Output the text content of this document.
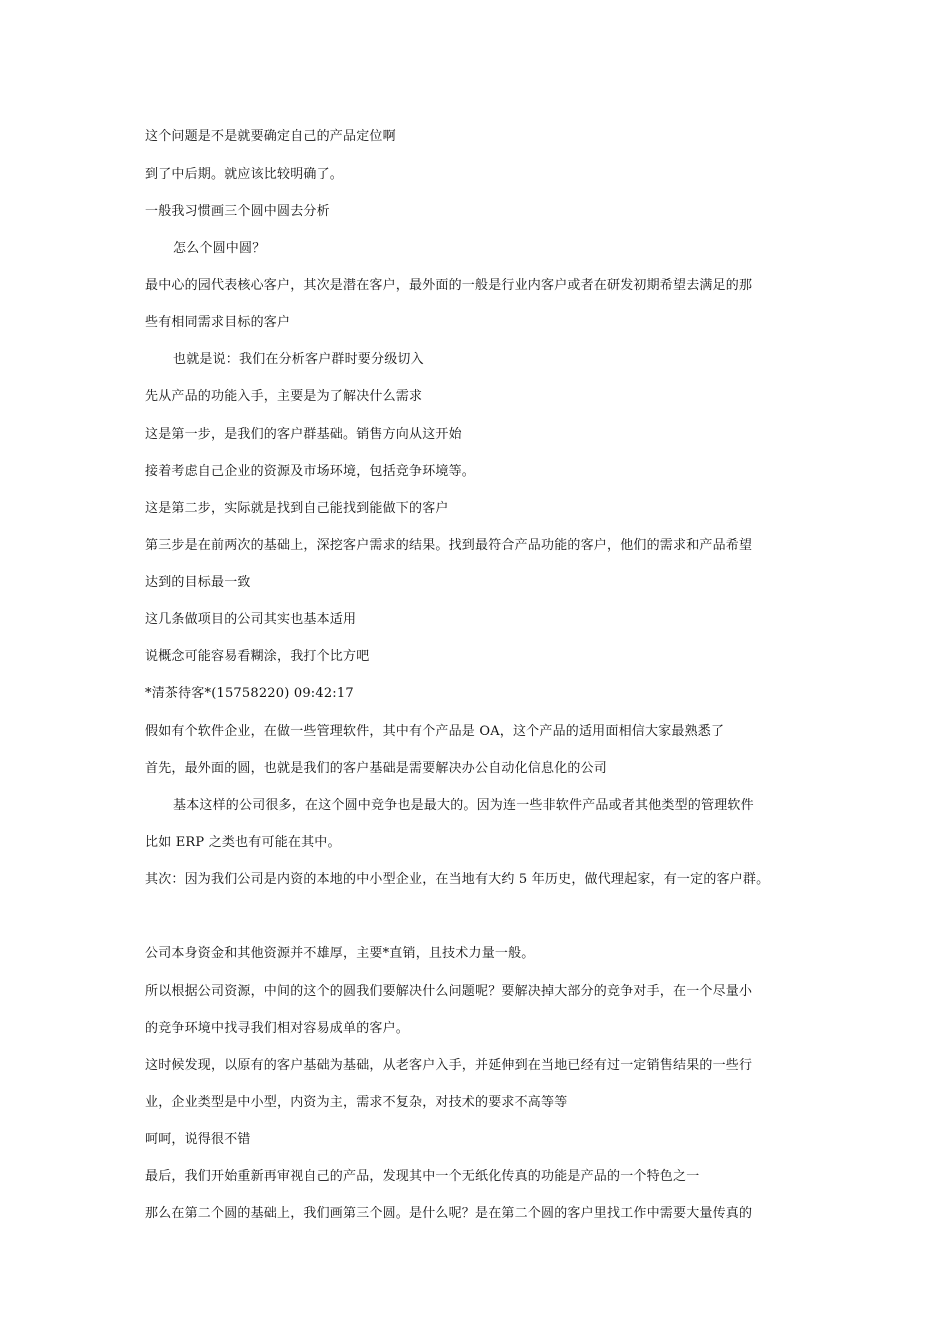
这个问题是不是就要确定自己的产品定位啊
到了中后期。就应该比较明确了。
一般我习惯画三个圆中圆去分析
怎么个圆中圆？
最中心的园代表核心客户，其次是潜在客户，最外面的一般是行业内客户或者在研发初期希望去满足的那
些有相同需求目标的客户
也就是说：我们在分析客户群时要分级切入
先从产品的功能入手，主要是为了解决什么需求
这是第一步，是我们的客户群基础。销售方向从这开始
接着考虑自己企业的资源及市场环境，包括竞争环境等。
这是第二步，实际就是找到自己能找到能做下的客户
第三步是在前两次的基础上，深挖客户需求的结果。找到最符合产品功能的客户，他们的需求和产品希望
达到的目标最一致
这几条做项目的公司其实也基本适用
说概念可能容易看糊涂，我打个比方吧
*清茶待客*(15758220) 09:42:17
假如有个软件企业，在做一些管理软件，其中有个产品是 OA，这个产品的适用面相信大家最熟悉了
首先，最外面的圆，也就是我们的客户基础是需要解决办公自动化信息化的公司
基本这样的公司很多，在这个圆中竞争也是最大的。因为连一些非软件产品或者其他类型的管理软件
比如 ERP 之类也有可能在其中。
其次：因为我们公司是内资的本地的中小型企业，在当地有大约 5 年历史，做代理起家，有一定的客户群。
公司本身资金和其他资源并不雄厚，主要*直销，且技术力量一般。
所以根据公司资源，中间的这个的圆我们要解决什么问题呢？要解决掉大部分的竞争对手，在一个尽量小
的竞争环境中找寻我们相对容易成单的客户。
这时候发现，以原有的客户基础为基础，从老客户入手，并延伸到在当地已经有过一定销售结果的一些行
业，企业类型是中小型，内资为主，需求不复杂，对技术的要求不高等等
呵呵，说得很不错
最后，我们开始重新再审视自己的产品，发现其中一个无纸化传真的功能是产品的一个特色之一
那么在第二个圆的基础上，我们画第三个圆。是什么呢？是在第二个圆的客户里找工作中需要大量传真的
